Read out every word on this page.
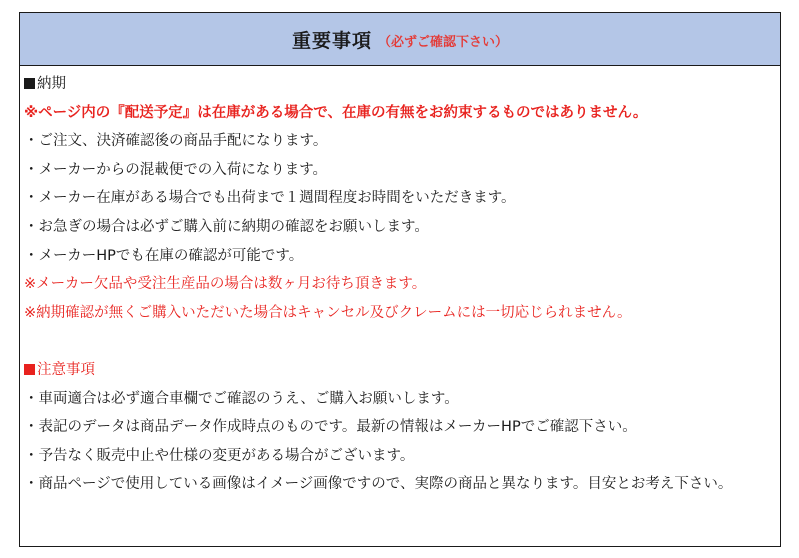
重要事項 （必ずご確認下さい）
納期
※ページ内の『配送予定』は在庫がある場合で、在庫の有無をお約束するものではありません。
・ご注文、決済確認後の商品手配になります。
・メーカーからの混載便での入荷になります。
・メーカー在庫がある場合でも出荷まで１週間程度お時間をいただきます。
・お急ぎの場合は必ずご購入前に納期の確認をお願いします。
・メーカーHPでも在庫の確認が可能です。
※メーカー欠品や受注生産品の場合は数ヶ月お待ち頂きます。
※納期確認が無くご購入いただいた場合はキャンセル及びクレームには一切応じられません。
注意事項
・車両適合は必ず適合車欄でご確認のうえ、ご購入お願いします。
・表記のデータは商品データ作成時点のものです。最新の情報はメーカーHPでご確認下さい。
・予告なく販売中止や仕様の変更がある場合がございます。
・商品ページで使用している画像はイメージ画像ですので、実際の商品と異なります。目安とお考え下さい。
